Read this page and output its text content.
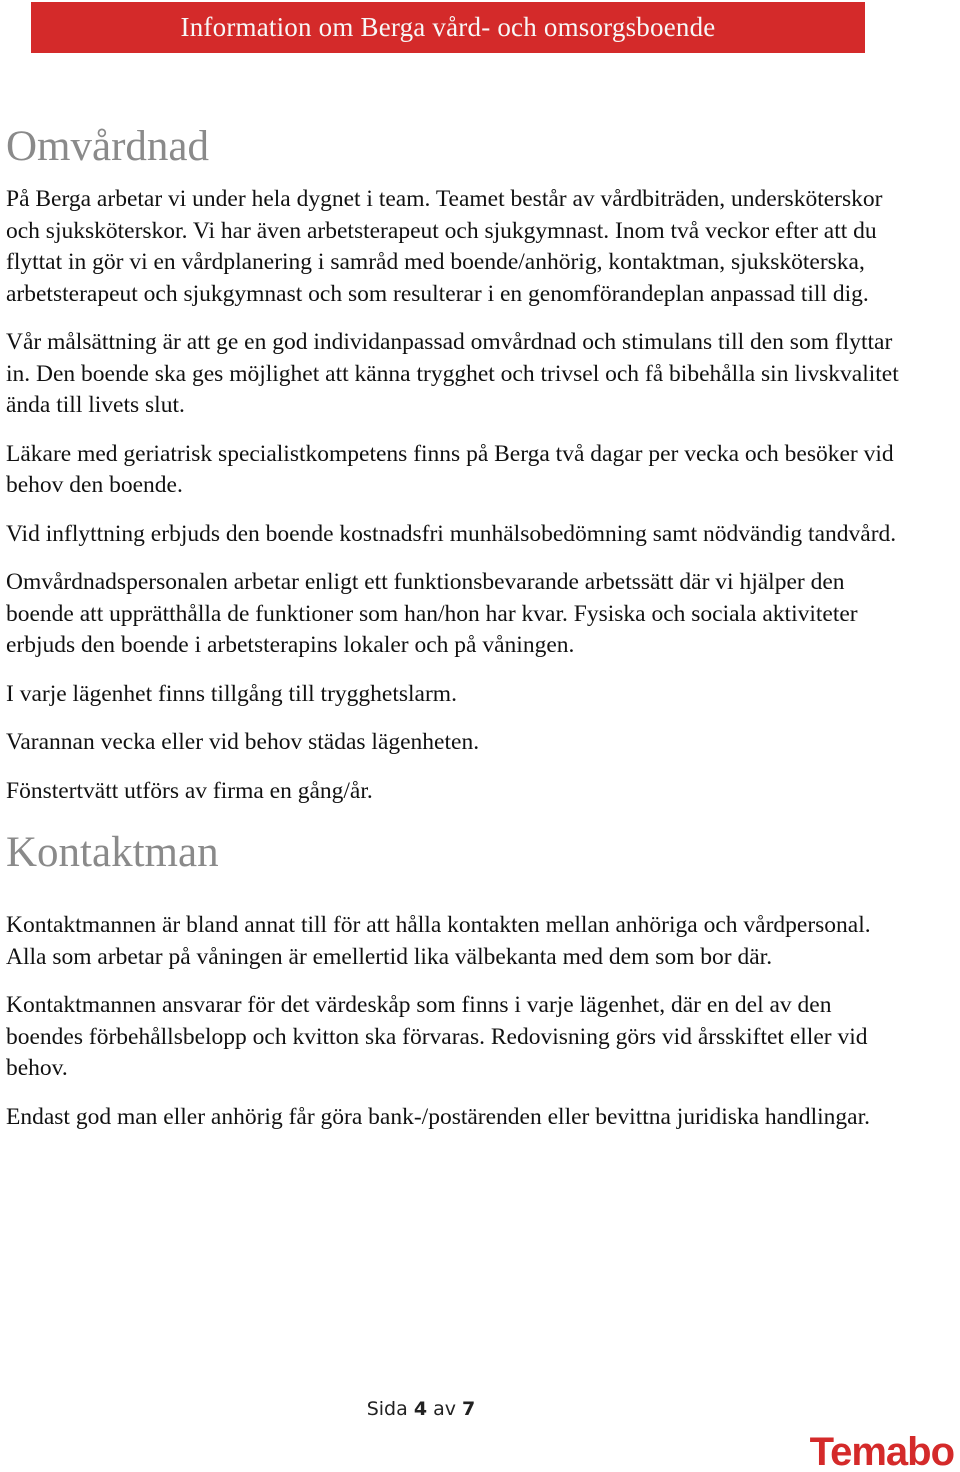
Information om Berga vård- och omsorgsboende
Omvårdnad

På Berga arbetar vi under hela dygnet i team. Teamet består av vårdbiträden, undersköterskor och sjuksköterskor. Vi har även arbetsterapeut och sjukgymnast. Inom två veckor efter att du flyttat in gör vi en vårdplanering i samråd med boende/anhörig, kontaktman, sjuksköterska, arbetsterapeut och sjukgymnast och som resulterar i en genomförandeplan anpassad till dig.

Vår målsättning är att ge en god individanpassad omvårdnad och stimulans till den som flyttar in. Den boende ska ges möjlighet att känna trygghet och trivsel och få bibehålla sin livskvalitet ända till livets slut.

Läkare med geriatrisk specialistkompetens finns på Berga två dagar per vecka och besöker vid behov den boende.

Vid inflyttning erbjuds den boende kostnadsfri munhälsobedömning samt nödvändig tandvård.

Omvårdnadspersonalen arbetar enligt ett funktionsbevarande arbetssätt där vi hjälper den boende att upprätthålla de funktioner som han/hon har kvar. Fysiska och sociala aktiviteter erbjuds den boende i arbetsterapins lokaler och på våningen.

I varje lägenhet finns tillgång till trygghetslarm.

Varannan vecka eller vid behov städas lägenheten.

Fönstertvätt utförs av firma en gång/år.

Kontaktman

Kontaktmannen är bland annat till för att hålla kontakten mellan anhöriga och vårdpersonal. Alla som arbetar på våningen är emellertid lika välbekanta med dem som bor där.

Kontaktmannen ansvarar för det värdeskåp som finns i varje lägenhet, där en del av den boendes förbehållsbelopp och kvitton ska förvaras. Redovisning görs vid årsskiftet eller vid behov.

Endast god man eller anhörig får göra bank-/postärenden eller bevittna juridiska handlingar.

Sida 4 av 7
Temabo
